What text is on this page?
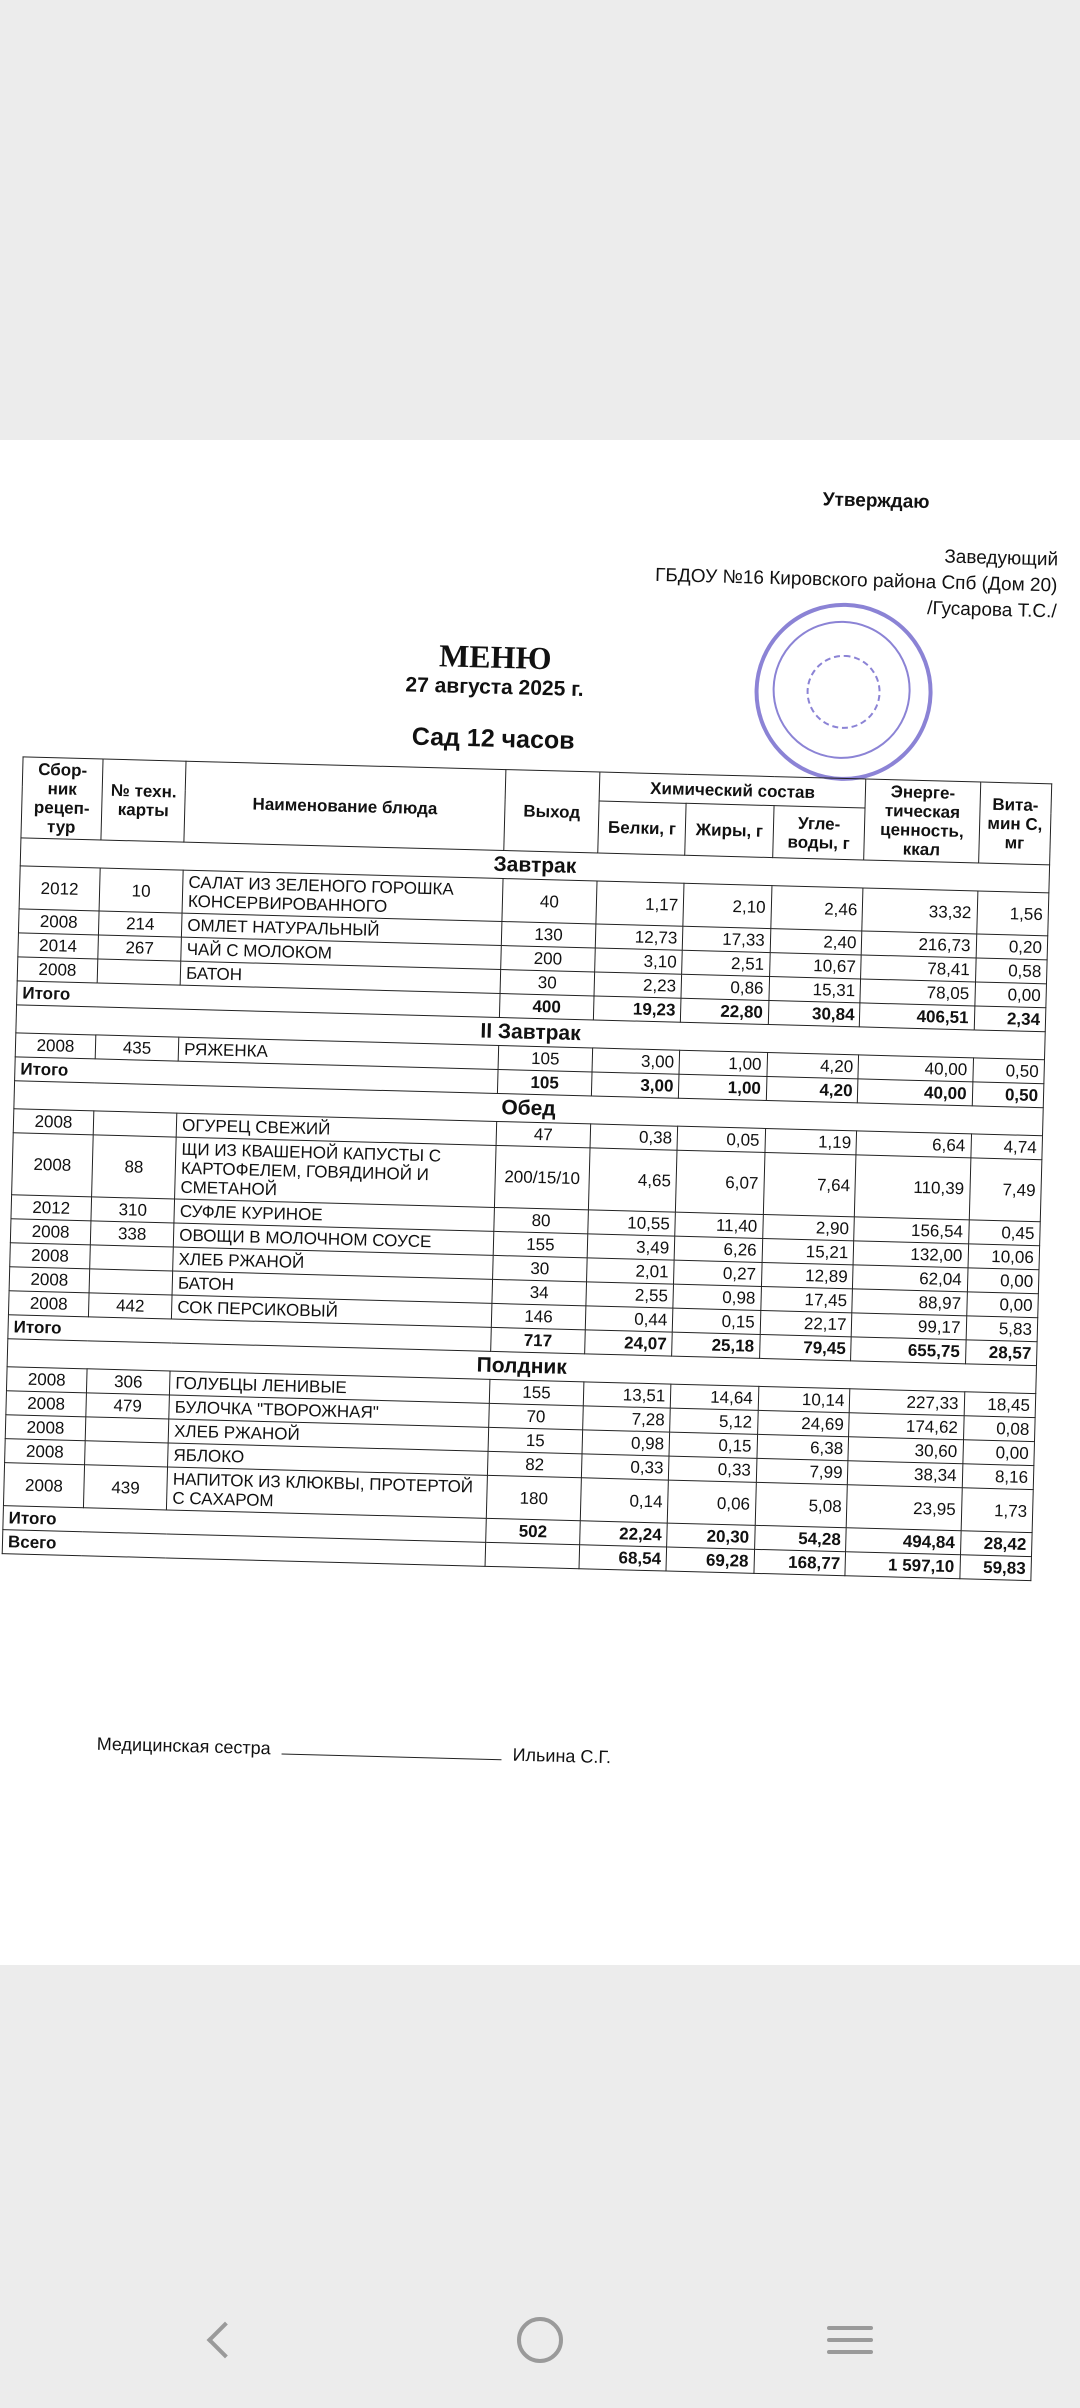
Утверждаю
Заведующий
ГБДОУ №16 Кировского района Спб (Дом 20)
/Гусарова Т.С./
МЕНЮ
27 августа 2025 г.
Сад 12 часов
Сбор-ник рецеп-тур	№ техн. карты	Наименование блюда	Выход	Химический состав			Энерге-тическая ценность, ккал	Вита-мин С, мг
				Белки, г	Жиры, г	Угле-воды, г		
Завтрак								
2012	10	САЛАТ ИЗ ЗЕЛЕНОГО ГОРОШКА КОНСЕРВИРОВАННОГО	40	1,17	2,10	2,46	33,32	1,56
2008	214	ОМЛЕТ НАТУРАЛЬНЫЙ	130	12,73	17,33	2,40	216,73	0,20
2014	267	ЧАЙ С МОЛОКОМ	200	3,10	2,51	10,67	78,41	0,58
2008		БАТОН	30	2,23	0,86	15,31	78,05	0,00
Итого			400	19,23	22,80	30,84	406,51	2,34
II Завтрак								
2008	435	РЯЖЕНКА	105	3,00	1,00	4,20	40,00	0,50
Итого			105	3,00	1,00	4,20	40,00	0,50
Обед								
2008		ОГУРЕЦ СВЕЖИЙ	47	0,38	0,05	1,19	6,64	4,74
2008	88	ЩИ ИЗ КВАШЕНОЙ КАПУСТЫ С КАРТОФЕЛЕМ, ГОВЯДИНОЙ И СМЕТАНОЙ	200/15/10	4,65	6,07	7,64	110,39	7,49
2012	310	СУФЛЕ КУРИНОЕ	80	10,55	11,40	2,90	156,54	0,45
2008	338	ОВОЩИ В МОЛОЧНОМ СОУСЕ	155	3,49	6,26	15,21	132,00	10,06
2008		ХЛЕБ РЖАНОЙ	30	2,01	0,27	12,89	62,04	0,00
2008		БАТОН	34	2,55	0,98	17,45	88,97	0,00
2008	442	СОК ПЕРСИКОВЫЙ	146	0,44	0,15	22,17	99,17	5,83
Итого			717	24,07	25,18	79,45	655,75	28,57
Полдник								
2008	306	ГОЛУБЦЫ ЛЕНИВЫЕ	155	13,51	14,64	10,14	227,33	18,45
2008	479	БУЛОЧКА "ТВОРОЖНАЯ"	70	7,28	5,12	24,69	174,62	0,08
2008		ХЛЕБ РЖАНОЙ	15	0,98	0,15	6,38	30,60	0,00
2008		ЯБЛОКО	82	0,33	0,33	7,99	38,34	8,16
2008	439	НАПИТОК ИЗ КЛЮКВЫ, ПРОТЕРТОЙ С САХАРОМ	180	0,14	0,06	5,08	23,95	1,73
Итого			502	22,24	20,30	54,28	494,84	28,42
Всего				68,54	69,28	168,77	1 597,10	59,83
Медицинская сестра	Ильина С.Г.
